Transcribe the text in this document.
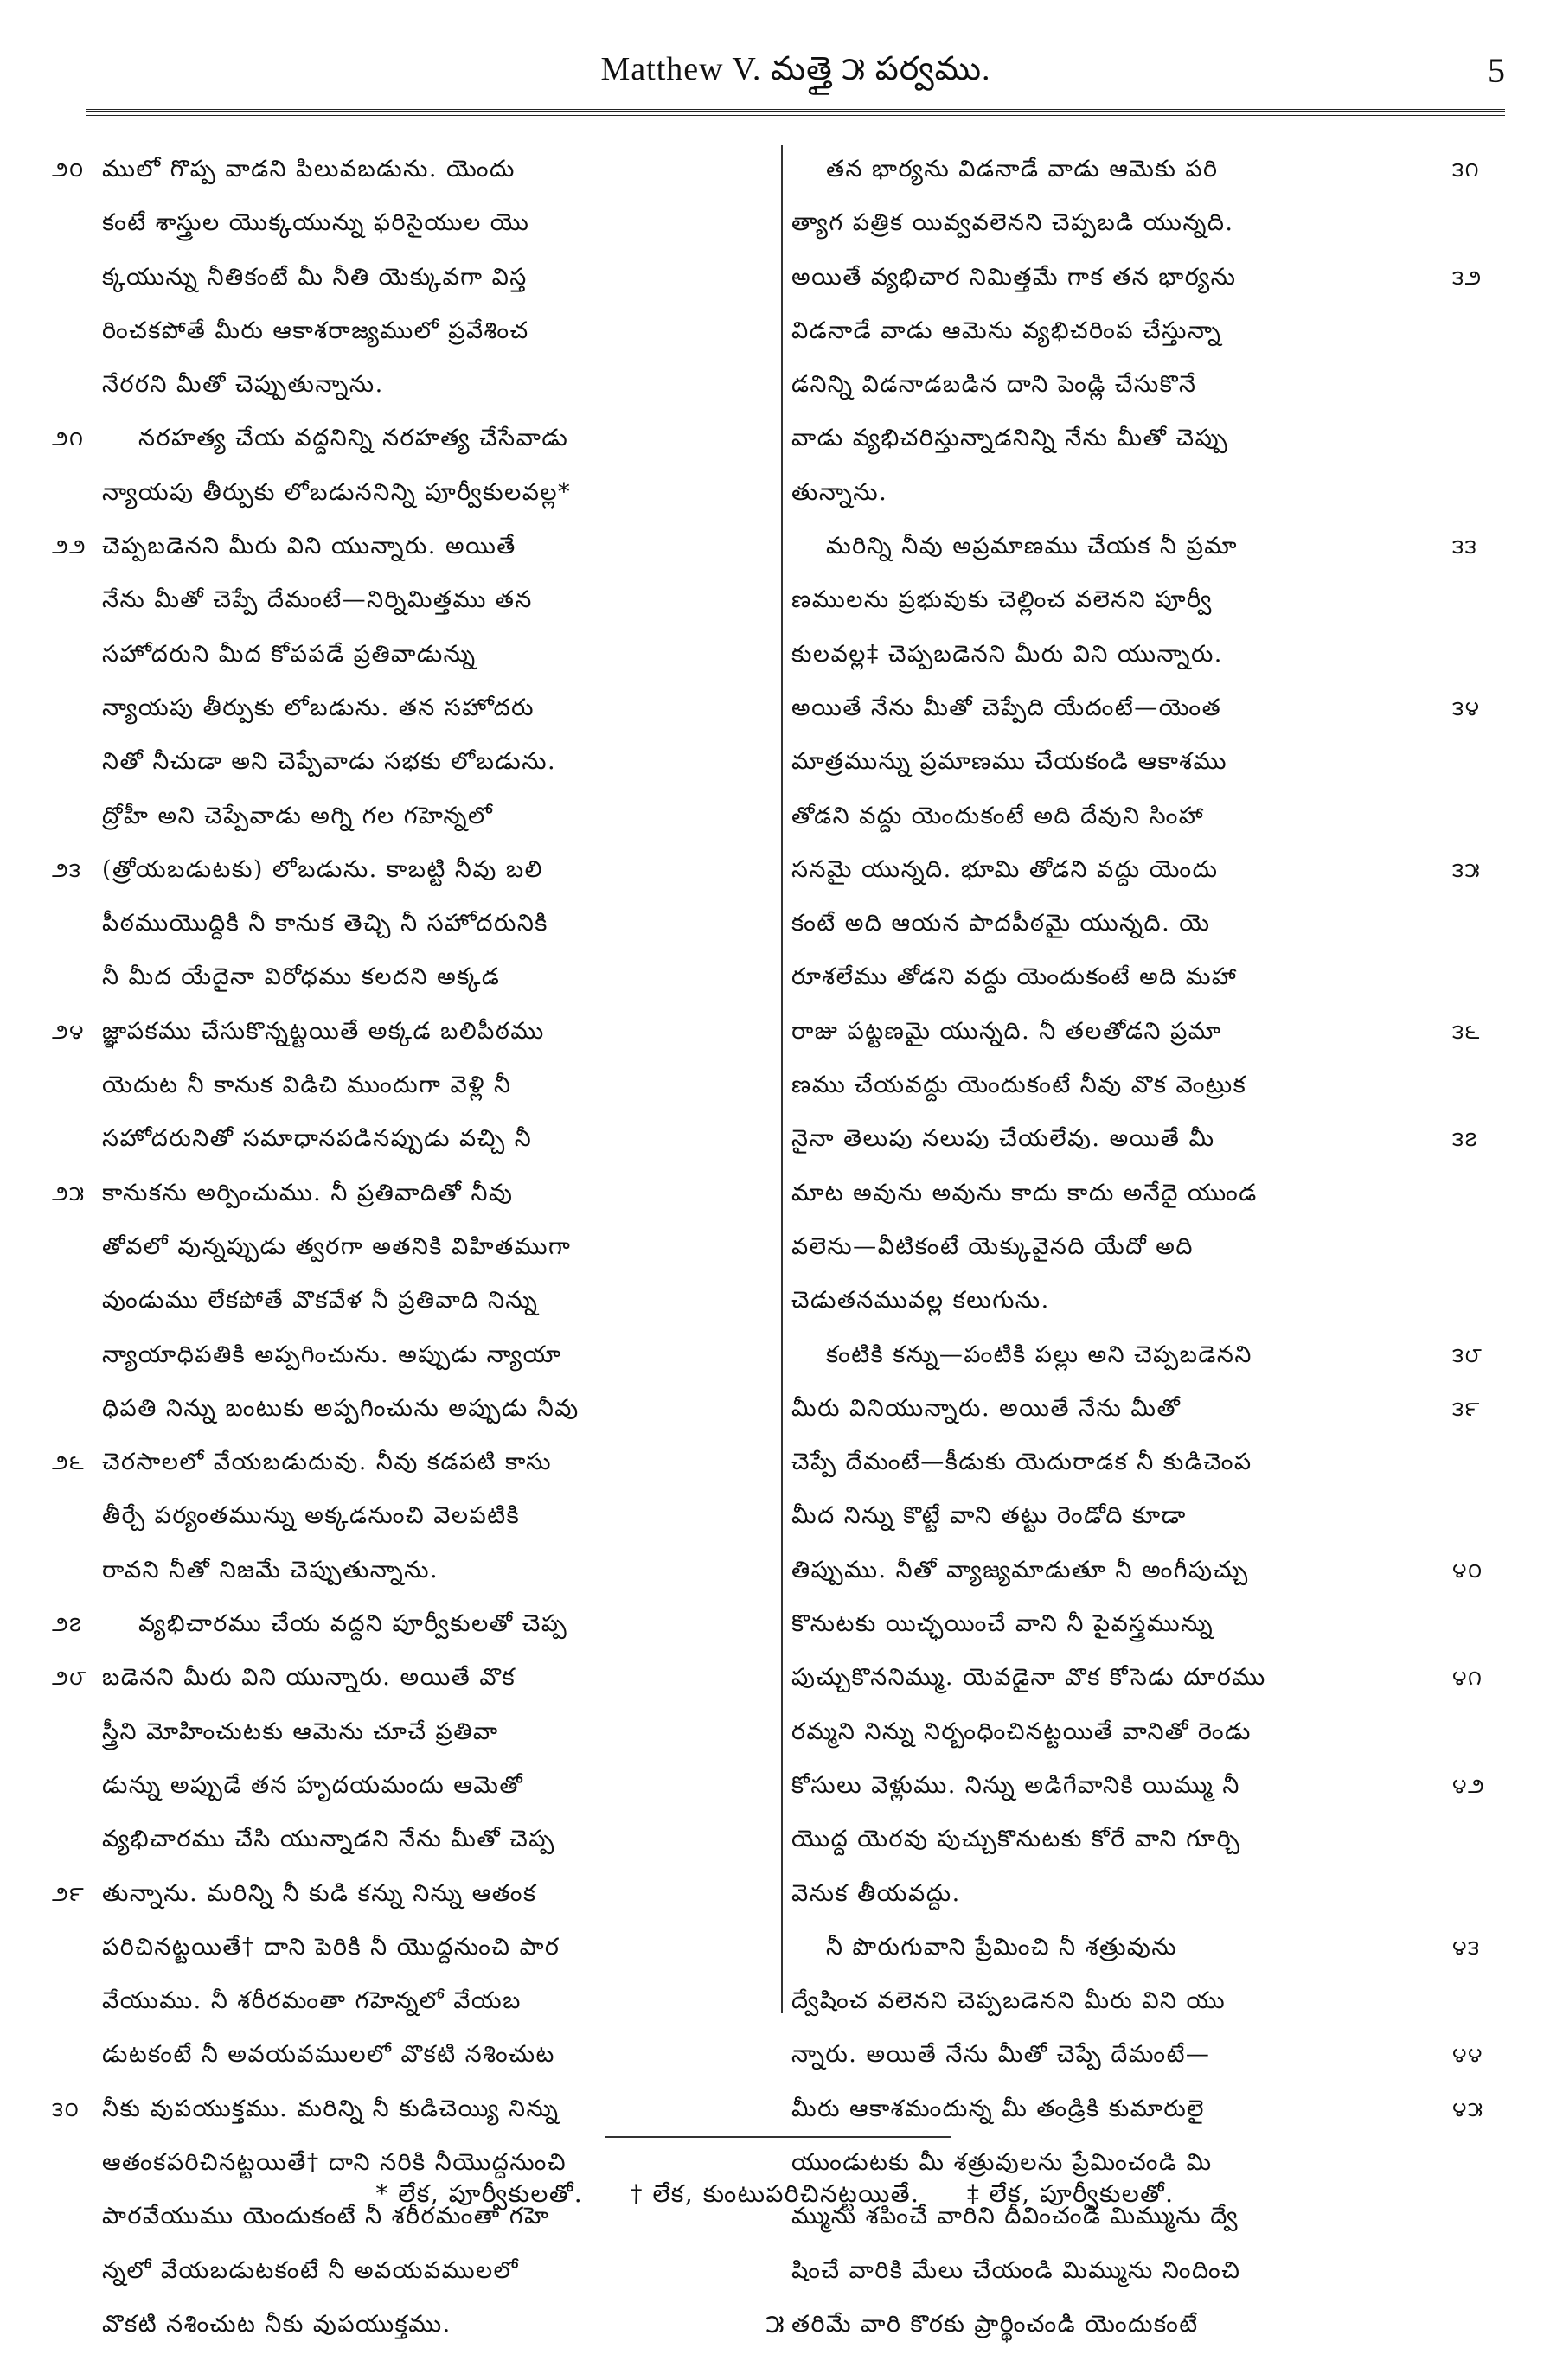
Matthew V. మత్తై ౫ పర్వము.	5
౨౦ ములో గొప్ప వాడని పిలువబడును. యెందు
కంటే శాస్త్రుల యొక్కయున్ను ఫరిసైయుల యొ
క్కయున్ను నీతికంటే మీ నీతి యెక్కువగా విస్త
రించకపోతే మీరు ఆకాశరాజ్యములో ప్రవేశించ
నేరరని మీతో చెప్పుతున్నాను.
౨౧	నరహత్య చేయ వద్దనిన్ని నరహత్య చేసేవాడు
న్యాయపు తీర్పుకు లోబడుననిన్ని పూర్వీకులవల్ల*
౨౨ చెప్పబడెనని మీరు విని యున్నారు. అయితే
నేను మీతో చెప్పే దేమంటే—నిర్నిమిత్తము తన
సహోదరుని మీద కోపపడే ప్రతివాడున్ను
న్యాయపు తీర్పుకు లోబడును. తన సహోదరు
నితో నీచుడా అని చెప్పేవాడు సభకు లోబడును.
ద్రోహీ అని చెప్పేవాడు అగ్ని గల గహెన్నలో
౨౩ (త్రోయబడుటకు) లోబడును. కాబట్టి నీవు బలి
పీఠముయొద్దికి నీ కానుక తెచ్చి నీ సహోదరునికి
నీ మీద యేదైనా విరోధము కలదని అక్కడ
౨౪ జ్ఞాపకము చేసుకొన్నట్టయితే అక్కడ బలిపీఠము
యెదుట నీ కానుక విడిచి ముందుగా వెళ్లి నీ
సహోదరునితో సమాధానపడినప్పుడు వచ్చి నీ
౨౫ కానుకను అర్పించుము. నీ ప్రతివాదితో నీవు
తోవలో వున్నప్పుడు త్వరగా అతనికి విహితముగా
వుండుము లేకపోతే వొకవేళ నీ ప్రతివాది నిన్ను
న్యాయాధిపతికి అప్పగించును. అప్పుడు న్యాయా
ధిపతి నిన్ను బంటుకు అప్పగించును అప్పుడు నీవు
౨౬ చెరసాలలో వేయబడుదువు. నీవు కడపటి కాసు
తీర్చే పర్యంతమున్ను అక్కడనుంచి వెలపటికి
రావని నీతో నిజమే చెప్పుతున్నాను.
౨౭	వ్యభిచారము చేయ వద్దని పూర్వీకులతో చెప్ప
౨౮ బడెనని మీరు విని యున్నారు. అయితే వొక
స్త్రీని మోహించుటకు ఆమెను చూచే ప్రతివా
డున్ను అప్పుడే తన హృదయమందు ఆమెతో
వ్యభిచారము చేసి యున్నాడని నేను మీతో చెప్ప
౨౯ తున్నాను. మరిన్ని నీ కుడి కన్ను నిన్ను ఆతంక
పరిచినట్టయితే† దాని పెరికి నీ యొద్దనుంచి పార
వేయుము. నీ శరీరమంతా గహెన్నలో వేయబ
డుటకంటే నీ అవయవములలో వొకటి నశించుట
౩౦ నీకు వుపయుక్తము. మరిన్ని నీ కుడిచెయ్యి నిన్ను
ఆతంకపరిచినట్టయితే† దాని నరికి నీయొద్దనుంచి
పారవేయుము యెందుకంటే నీ శరీరమంతా గహె
న్నలో వేయబడుటకంటే నీ అవయవములలో
వొకటి నశించుట నీకు వుపయుక్తము.
౩౧
తన భార్యను విడనాడే వాడు ఆమెకు పరి
త్యాగ పత్రిక యివ్వవలెనని చెప్పబడి యున్నది.
౩౨
అయితే వ్యభిచార నిమిత్తమే గాక తన భార్యను
విడనాడే వాడు ఆమెను వ్యభిచరింప చేస్తున్నా
డనిన్ని విడనాడబడిన దాని పెండ్లి చేసుకొనే
వాడు వ్యభిచరిస్తున్నాడనిన్ని నేను మీతో చెప్పు
తున్నాను.
౩౩
మరిన్ని నీవు అప్రమాణము చేయక నీ ప్రమా
ణములను ప్రభువుకు చెల్లించ వలెనని పూర్వీ
కులవల్ల‡ చెప్పబడెనని మీరు విని యున్నారు.
౩౪
అయితే నేను మీతో చెప్పేది యేదంటే—యెంత
మాత్రమున్ను ప్రమాణము చేయకండి ఆకాశము
తోడని వద్దు యెందుకంటే అది దేవుని సింహా
౩౫
సనమై యున్నది. భూమి తోడని వద్దు యెందు
కంటే అది ఆయన పాదపీఠమై యున్నది. యె
రూశలేము తోడని వద్దు యెందుకంటే అది మహా
౩౬
రాజు పట్టణమై యున్నది. నీ తలతోడని ప్రమా
ణము చేయవద్దు యెందుకంటే నీవు వొక వెంట్రుక
౩౭
నైనా తెలుపు నలుపు చేయలేవు. అయితే మీ
మాట అవును అవును కాదు కాదు అనేదై యుండ
వలెను—వీటికంటే యెక్కువైనది యేదో అది
చెడుతనమువల్ల కలుగును.
౩౮
కంటికి కన్ను—పంటికి పల్లు అని చెప్పబడెనని
౩౯
మీరు వినియున్నారు. అయితే నేను మీతో
చెప్పే దేమంటే—కీడుకు యెదురాడక నీ కుడిచెంప
మీద నిన్ను కొట్టే వాని తట్టు రెండోది కూడా
౪౦
తిప్పుము. నీతో వ్యాజ్యమాడుతూ నీ అంగీపుచ్చు
కొనుటకు యిచ్ఛయించే వాని నీ పైవస్త్రమున్ను
౪౧
పుచ్చుకొననిమ్ము. యెవడైనా వొక కోసెడు దూరము
రమ్మని నిన్ను నిర్బంధించినట్టయితే వానితో రెండు
౪౨
కోసులు వెళ్లుము. నిన్ను అడిగేవానికి యిమ్ము నీ
యొద్ద యెరవు పుచ్చుకొనుటకు కోరే వాని గూర్చి
వెనుక తీయవద్దు.
౪౩
నీ పొరుగువాని ప్రేమించి నీ శత్రువును
ద్వేషించ వలెనని చెప్పబడెనని మీరు విని యు
౪౪
న్నారు. అయితే నేను మీతో చెప్పే దేమంటే—
౪౫
మీరు ఆకాశమందున్న మీ తండ్రికి కుమారులై
యుండుటకు మీ శత్రువులను ప్రేమించండి మి
మ్మును శపించే వారిని దీవించండి మిమ్మును ద్వే
షించే వారికి మేలు చేయండి మిమ్మును నిందించి
తరిమే వారి కొరకు ప్రార్థించండి యెందుకంటే
* లేక, పూర్వీకులతో. † లేక, కుంటుపరిచినట్టయితే. ‡ లేక, పూర్వీకులతో.
౫
